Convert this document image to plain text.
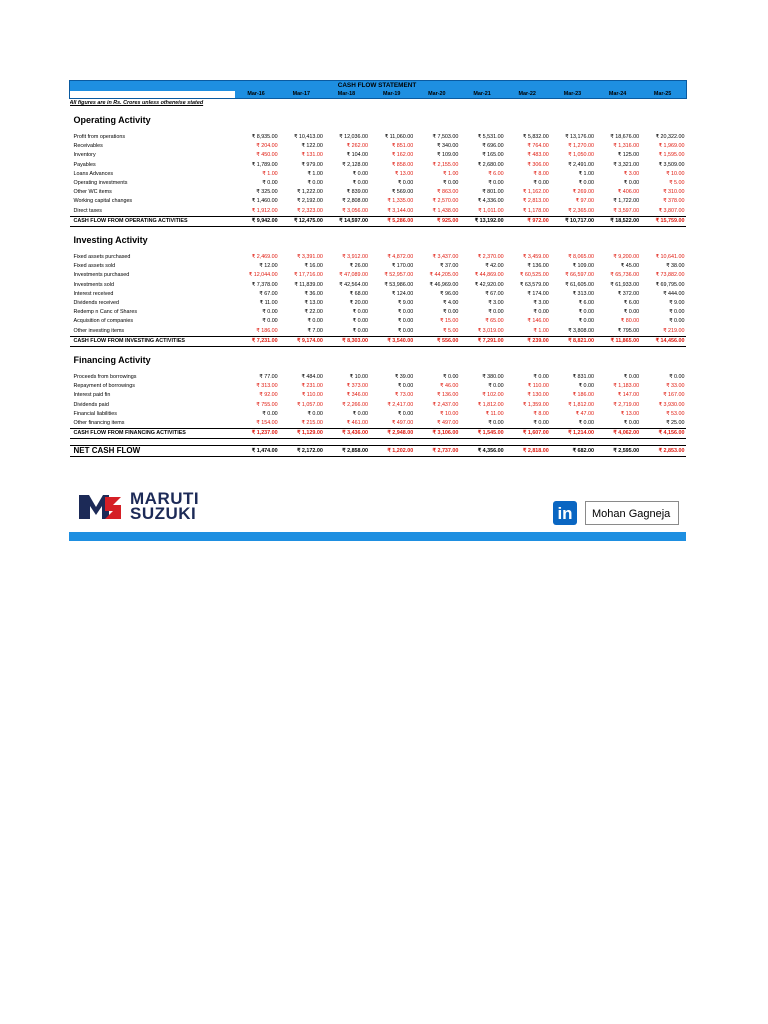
CASH FLOW STATEMENT										
	Mar-16	Mar-17	Mar-18	Mar-19	Mar-20	Mar-21	Mar-22	Mar-23	Mar-24	Mar-25
All figures are in Rs. Crores unless otherwise stated										
Operating Activity										
Profit from operations	₹ 8,935.00	₹ 10,413.00	₹ 12,036.00	₹ 11,060.00	₹ 7,503.00	₹ 5,531.00	₹ 5,832.00	₹ 13,176.00	₹ 18,676.00	₹ 20,322.00
Receivables	₹ 204.00	₹ 122.00	₹ 262.00	₹ 851.00	₹ 340.00	₹ 696.00	₹ 764.00	₹ 1,270.00	₹ 1,316.00	₹ 1,969.00
Inventory	₹ 450.00	₹ 131.00	₹ 104.00	₹ 162.00	₹ 109.00	₹ 165.00	₹ 483.00	₹ 1,050.00	₹ 125.00	₹ 1,595.00
Payables	₹ 1,789.00	₹ 979.00	₹ 2,128.00	₹ 858.00	₹ 2,155.00	₹ 2,680.00	₹ 306.00	₹ 2,491.00	₹ 3,321.00	₹ 3,509.00
Loans Advances	₹ 1.00	₹ 1.00	₹ 0.00	₹ 13.00	₹ 1.00	₹ 6.00	₹ 8.00	₹ 1.00	₹ 3.00	₹ 10.00
Operating investments	₹ 0.00	₹ 0.00	₹ 0.00	₹ 0.00	₹ 0.00	₹ 0.00	₹ 0.00	₹ 0.00	₹ 0.00	₹ 5.00
Other WC items	₹ 325.00	₹ 1,222.00	₹ 839.00	₹ 569.00	₹ 863.00	₹ 801.00	₹ 1,162.00	₹ 269.00	₹ 406.00	₹ 310.00
Working capital changes	₹ 1,460.00	₹ 2,192.00	₹ 2,808.00	₹ 1,335.00	₹ 2,570.00	₹ 4,336.00	₹ 2,813.00	₹ 97.00	₹ 1,722.00	₹ 378.00
Direct taxes	₹ 1,912.00	₹ 2,323.00	₹ 3,056.00	₹ 3,144.00	₹ 1,438.00	₹ 1,011.00	₹ 1,178.00	₹ 2,365.00	₹ 3,597.00	₹ 3,807.00
CASH FLOW FROM OPERATING ACTIVITIES	₹ 9,942.00	₹ 12,475.00	₹ 14,597.00	₹ 5,286.00	₹ 925.00	₹ 13,192.00	₹ 972.00	₹ 10,717.00	₹ 18,522.00	₹ 15,759.00
Investing Activity										
Fixed assets purchased	₹ 2,469.00	₹ 3,391.00	₹ 3,912.00	₹ 4,872.00	₹ 3,437.00	₹ 2,370.00	₹ 3,459.00	₹ 8,065.00	₹ 9,200.00	₹ 10,641.00
Fixed assets sold	₹ 12.00	₹ 16.00	₹ 26.00	₹ 170.00	₹ 37.00	₹ 42.00	₹ 136.00	₹ 109.00	₹ 45.00	₹ 38.00
Investments purchased	₹ 12,044.00	₹ 17,716.00	₹ 47,089.00	₹ 52,957.00	₹ 44,205.00	₹ 44,869.00	₹ 60,525.00	₹ 66,597.00	₹ 65,736.00	₹ 73,882.00
Investments sold	₹ 7,378.00	₹ 11,839.00	₹ 42,564.00	₹ 53,986.00	₹ 46,969.00	₹ 42,920.00	₹ 63,579.00	₹ 61,605.00	₹ 61,933.00	₹ 69,795.00
Interest received	₹ 67.00	₹ 36.00	₹ 68.00	₹ 124.00	₹ 96.00	₹ 67.00	₹ 174.00	₹ 313.00	₹ 372.00	₹ 444.00
Dividends received	₹ 11.00	₹ 13.00	₹ 20.00	₹ 9.00	₹ 4.00	₹ 3.00	₹ 3.00	₹ 6.00	₹ 6.00	₹ 9.00
Redemp n Canc of Shares	₹ 0.00	₹ 22.00	₹ 0.00	₹ 0.00	₹ 0.00	₹ 0.00	₹ 0.00	₹ 0.00	₹ 0.00	₹ 0.00
Acquisition of companies	₹ 0.00	₹ 0.00	₹ 0.00	₹ 0.00	₹ 15.00	₹ 65.00	₹ 146.00	₹ 0.00	₹ 80.00	₹ 0.00
Other investing items	₹ 186.00	₹ 7.00	₹ 0.00	₹ 0.00	₹ 5.00	₹ 3,019.00	₹ 1.00	₹ 3,808.00	₹ 795.00	₹ 219.00
CASH FLOW FROM INVESTING ACTIVITIES	₹ 7,231.00	₹ 9,174.00	₹ 8,303.00	₹ 3,540.00	₹ 556.00	₹ 7,291.00	₹ 239.00	₹ 8,821.00	₹ 11,865.00	₹ 14,456.00
Financing Activity										
Proceeds from borrowings	₹ 77.00	₹ 484.00	₹ 10.00	₹ 39.00	₹ 0.00	₹ 380.00	₹ 0.00	₹ 831.00	₹ 0.00	₹ 0.00
Repayment of borrowings	₹ 313.00	₹ 231.00	₹ 373.00	₹ 0.00	₹ 46.00	₹ 0.00	₹ 110.00	₹ 0.00	₹ 1,183.00	₹ 33.00
Interest paid fin	₹ 92.00	₹ 110.00	₹ 346.00	₹ 73.00	₹ 136.00	₹ 102.00	₹ 130.00	₹ 186.00	₹ 147.00	₹ 167.00
Dividends paid	₹ 755.00	₹ 1,057.00	₹ 2,266.00	₹ 2,417.00	₹ 2,437.00	₹ 1,812.00	₹ 1,359.00	₹ 1,812.00	₹ 2,719.00	₹ 3,930.00
Financial liabilities	₹ 0.00	₹ 0.00	₹ 0.00	₹ 0.00	₹ 10.00	₹ 11.00	₹ 8.00	₹ 47.00	₹ 13.00	₹ 53.00
Other financing items	₹ 154.00	₹ 215.00	₹ 461.00	₹ 497.00	₹ 497.00	₹ 0.00	₹ 0.00	₹ 0.00	₹ 0.00	₹ 25.00
CASH FLOW FROM FINANCING ACTIVITIES	₹ 1,237.00	₹ 1,129.00	₹ 3,436.00	₹ 2,948.00	₹ 3,106.00	₹ 1,545.00	₹ 1,607.00	₹ 1,214.00	₹ 4,062.00	₹ 4,156.00

NET CASH FLOW	₹ 1,474.00	₹ 2,172.00	₹ 2,858.00	₹ 1,202.00	₹ 2,737.00	₹ 4,356.00	₹ 2,818.00	₹ 682.00	₹ 2,595.00	₹ 2,853.00
MARUTI
SUZUKI	in	Mohan Gagneja
